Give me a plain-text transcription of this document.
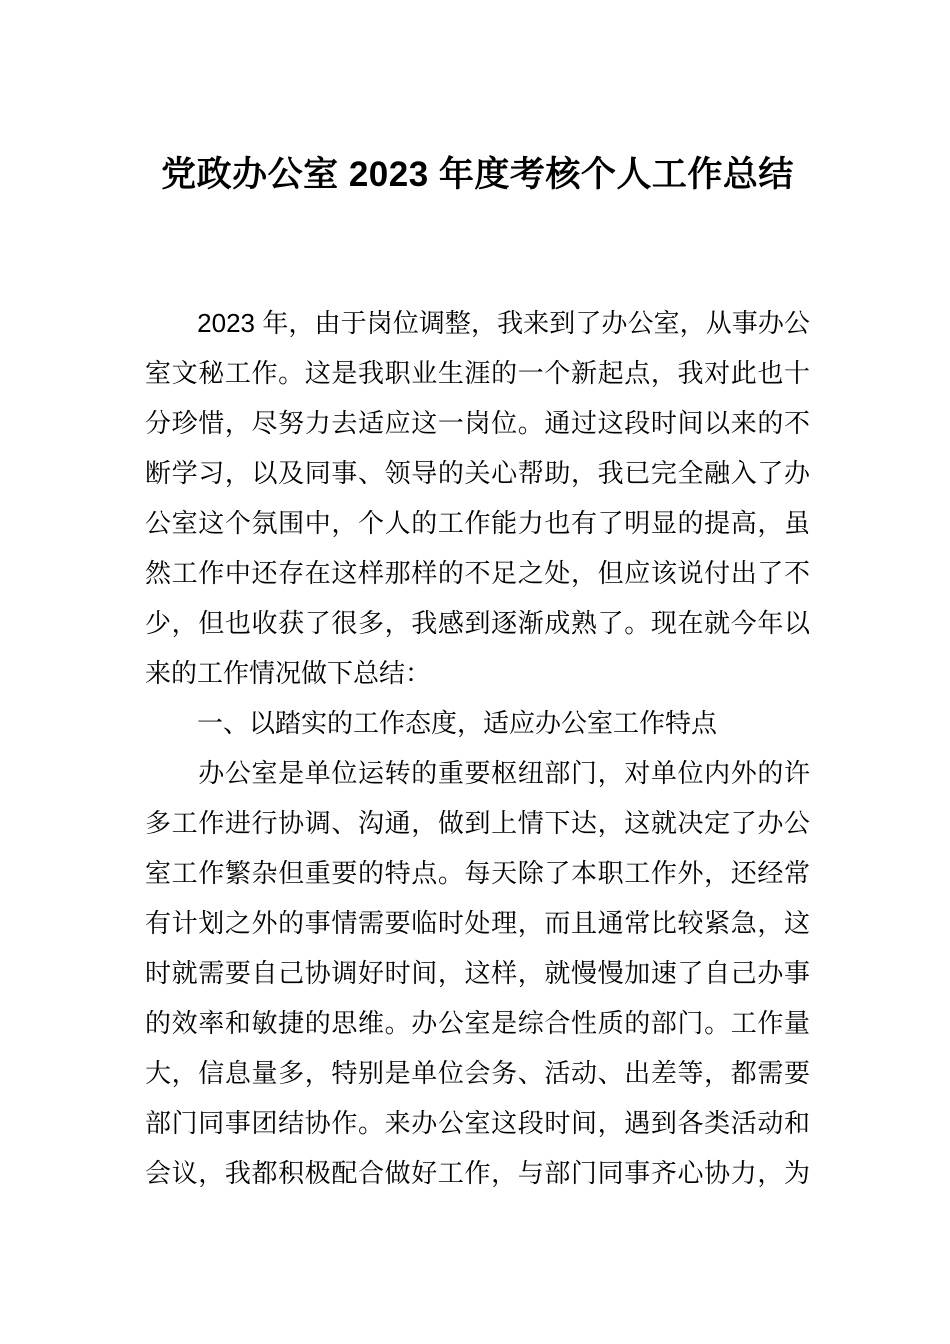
党政办公室 2023 年度考核个人工作总结
　　2023 年，由于岗位调整，我来到了办公室，从事办公
室文秘工作。这是我职业生涯的一个新起点，我对此也十
分珍惜，尽努力去适应这一岗位。通过这段时间以来的不
断学习，以及同事、领导的关心帮助，我已完全融入了办
公室这个氛围中，个人的工作能力也有了明显的提高，虽
然工作中还存在这样那样的不足之处，但应该说付出了不
少，但也收获了很多，我感到逐渐成熟了。现在就今年以
来的工作情况做下总结：
　　一、以踏实的工作态度，适应办公室工作特点
　　办公室是单位运转的重要枢纽部门，对单位内外的许
多工作进行协调、沟通，做到上情下达，这就决定了办公
室工作繁杂但重要的特点。每天除了本职工作外，还经常
有计划之外的事情需要临时处理，而且通常比较紧急，这
时就需要自己协调好时间，这样，就慢慢加速了自己办事
的效率和敏捷的思维。办公室是综合性质的部门。工作量
大，信息量多，特别是单位会务、活动、出差等，都需要
部门同事团结协作。来办公室这段时间，遇到各类活动和
会议，我都积极配合做好工作，与部门同事齐心协力，为
